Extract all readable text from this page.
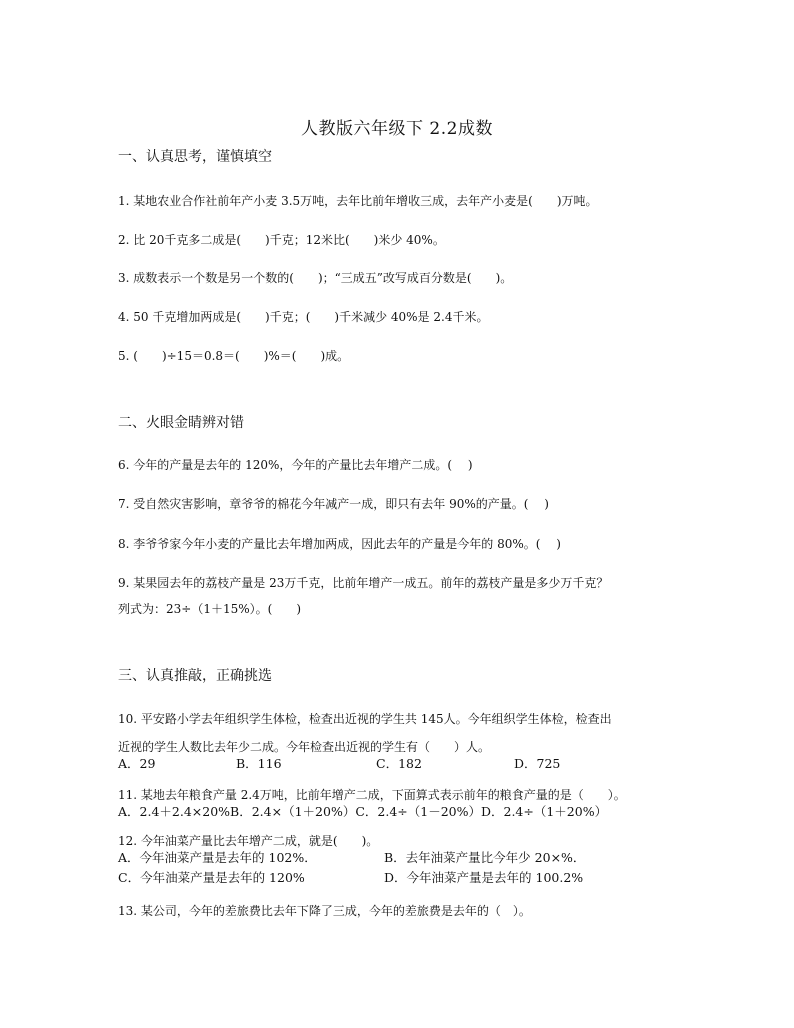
人教版六年级下 2.2成数
一、认真思考，谨慎填空
1. 某地农业合作社前年产小麦 3.5万吨，去年比前年增收三成，去年产小麦是(　　)万吨。
2. 比 20千克多二成是(　　)千克；12米比(　　)米少 40%。
3. 成数表示一个数是另一个数的(　　)；“三成五”改写成百分数是(　　)。
4. 50 千克增加两成是(　　)千克；(　　)千米减少 40%是 2.4千米。
5. (　　)÷15＝0.8＝(　　)%＝(　　)成。
二、火眼金睛辨对错
6. 今年的产量是去年的 120%，今年的产量比去年增产二成。(　 )
7. 受自然灾害影响，章爷爷的棉花今年减产一成，即只有去年 90%的产量。(　 )
8. 李爷爷家今年小麦的产量比去年增加两成，因此去年的产量是今年的 80%。(　 )
9. 某果园去年的荔枝产量是 23万千克，比前年增产一成五。前年的荔枝产量是多少万千克？
列式为：23÷（1＋15%）。(　　)
三、认真推敲，正确挑选
10. 平安路小学去年组织学生体检，检查出近视的学生共 145人。今年组织学生体检，检查出
近视的学生人数比去年少二成。今年检查出近视的学生有（　　）人。
A．29	B．116	C．182	D．725
11. 某地去年粮食产量 2.4万吨，比前年增产二成，下面算式表示前年的粮食产量的是（　　）。
A．2.4＋2.4×20%B．2.4×（1＋20%）C．2.4÷（1－20%）D．2.4÷（1＋20%）
12. 今年油菜产量比去年增产二成，就是(　　)。
A．今年油菜产量是去年的 102%．	B．去年油菜产量比今年少 20×%．
C．今年油菜产量是去年的 120%	D．今年油菜产量是去年的 100.2%
13. 某公司，今年的差旅费比去年下降了三成，今年的差旅费是去年的（　）。
